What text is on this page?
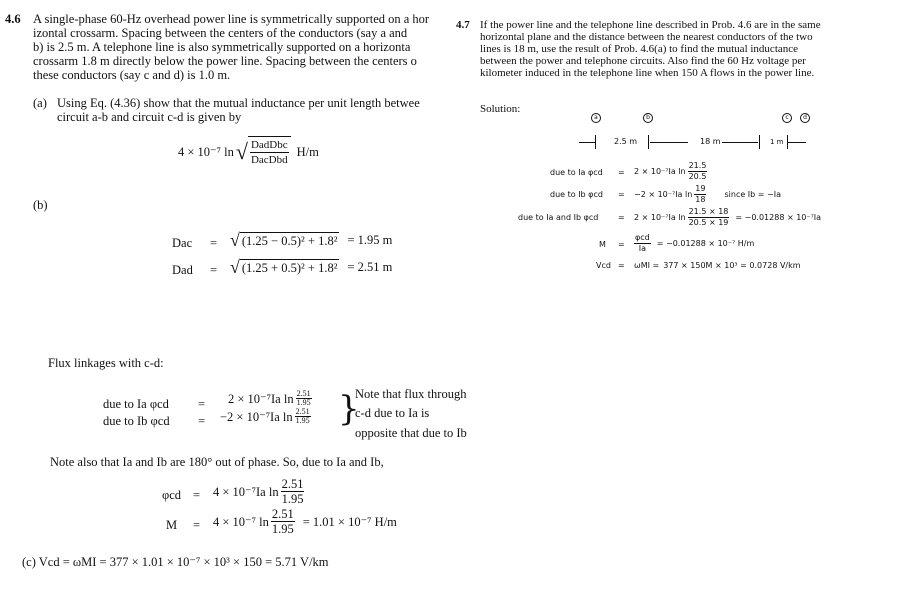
4.6 A single-phase 60-Hz overhead power line is symmetrically supported on a hor
izontal crossarm. Spacing between the centers of the conductors (say a and
b) is 2.5 m. A telephone line is also symmetrically supported on a horizonta
crossarm 1.8 m directly below the power line. Spacing between the centers o
these conductors (say c and d) is 1.0 m.
(a) Using Eq. (4.36) show that the mutual inductance per unit length betwee
circuit a-b and circuit c-d is given by
4 × 10⁻⁷ ln √ $\frac{\text{DadDbc}}{\text{DacDbd}} H/m$
(b)
Dac = √ (1.25 − 0.5)² + 1.8² = 1.95 m
Dad = √ (1.25 + 0.5)² + 1.8² = 2.51 m
Flux linkages with c-d:
due to Ia φcd = 2 × 10⁻⁷Ia $\ln \frac{2.51}{1.95}$
due to Ib φcd = −2 × 10⁻⁷Ia $\ln \frac{2.51}{1.95}$ }
Note that flux through
c-d due to Ia is
opposite that due to Ib
Note also that Ia and Ib are 180° out of phase. So, due to Ia and Ib,
φcd = 4 × 10⁻⁷Ia $\ln \frac{2.51}{1.95}$
M = 4 × 10⁻⁷ $\ln \frac{2.51}{1.95} = 1.01 \times 10^{-7}$ H/m
(c) Vcd = ωMI = 377 × 1.01 × 10⁻⁷ × 10³ × 150 = 5.71 V/km
4.7 If the power line and the telephone line described in Prob. 4.6 are in the same
horizontal plane and the distance between the nearest conductors of the two
lines is 18 m, use the result of Prob. 4.6(a) to find the mutual inductance
between the power and telephone circuits. Also find the 60 Hz voltage per
kilometer induced in the telephone line when 150 A flows in the power line.
Solution:
a	b	c	d
2.5 m	18 m	1 m
due to Ia φcd = 2 × 10⁻⁷Ia $\ln \frac{21.5}{20.5}$
due to Ib φcd = −2 × 10⁻⁷Ia $\ln \frac{19}{18}$ since Ib = −Ia
due to Ia and Ib φcd = 2 × 10⁻⁷Ia $\ln \frac{21.5 \times 18}{20.5 \times 19} = -0.01288 \times 10^{-7}Ia$
$M = \frac{\text{φcd}}{Ia} = -0.01288 \times 10^{-7}$ H/m
Vcd = ωMI = 377 × 150M × 10³ = 0.0728 V/km
